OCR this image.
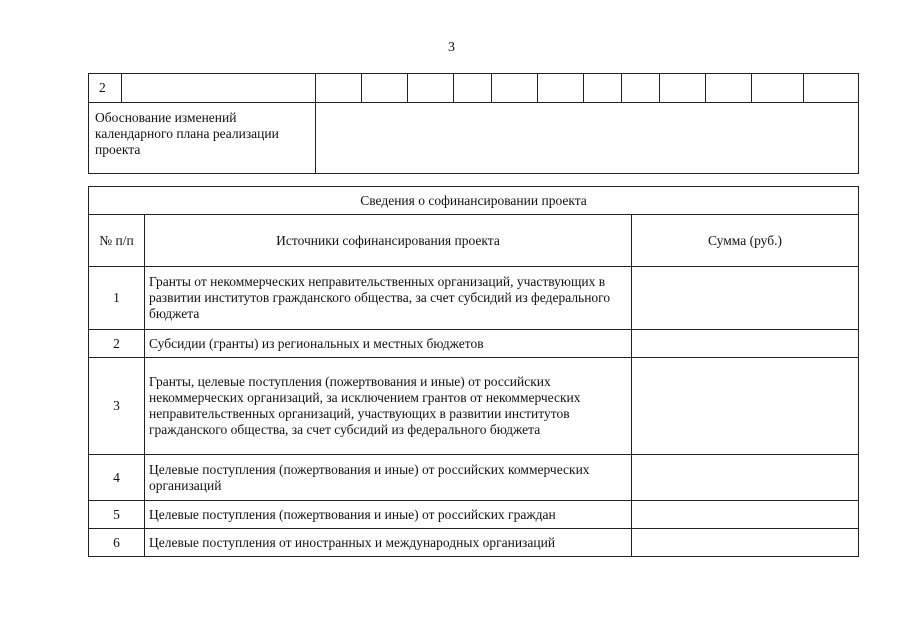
3
2													
Обоснование изменений календарного плана реализации проекта													
Сведения о софинансировании проекта		
№ п/п	Источники софинансирования проекта	Сумма (руб.)
1	Гранты от некоммерческих неправительственных организаций, участвующих в развитии институтов гражданского общества, за счет субсидий из федерального бюджета	
2	Субсидии (гранты) из региональных и местных бюджетов	
3	Гранты, целевые поступления (пожертвования и иные) от российских некоммерческих организаций, за исключением грантов от некоммерческих неправительственных организаций, участвующих в развитии институтов гражданского общества, за счет субсидий из федерального бюджета	
4	Целевые поступления (пожертвования и иные) от российских коммерческих организаций	
5	Целевые поступления (пожертвования и иные) от российских граждан	
6	Целевые поступления от иностранных и международных организаций	
